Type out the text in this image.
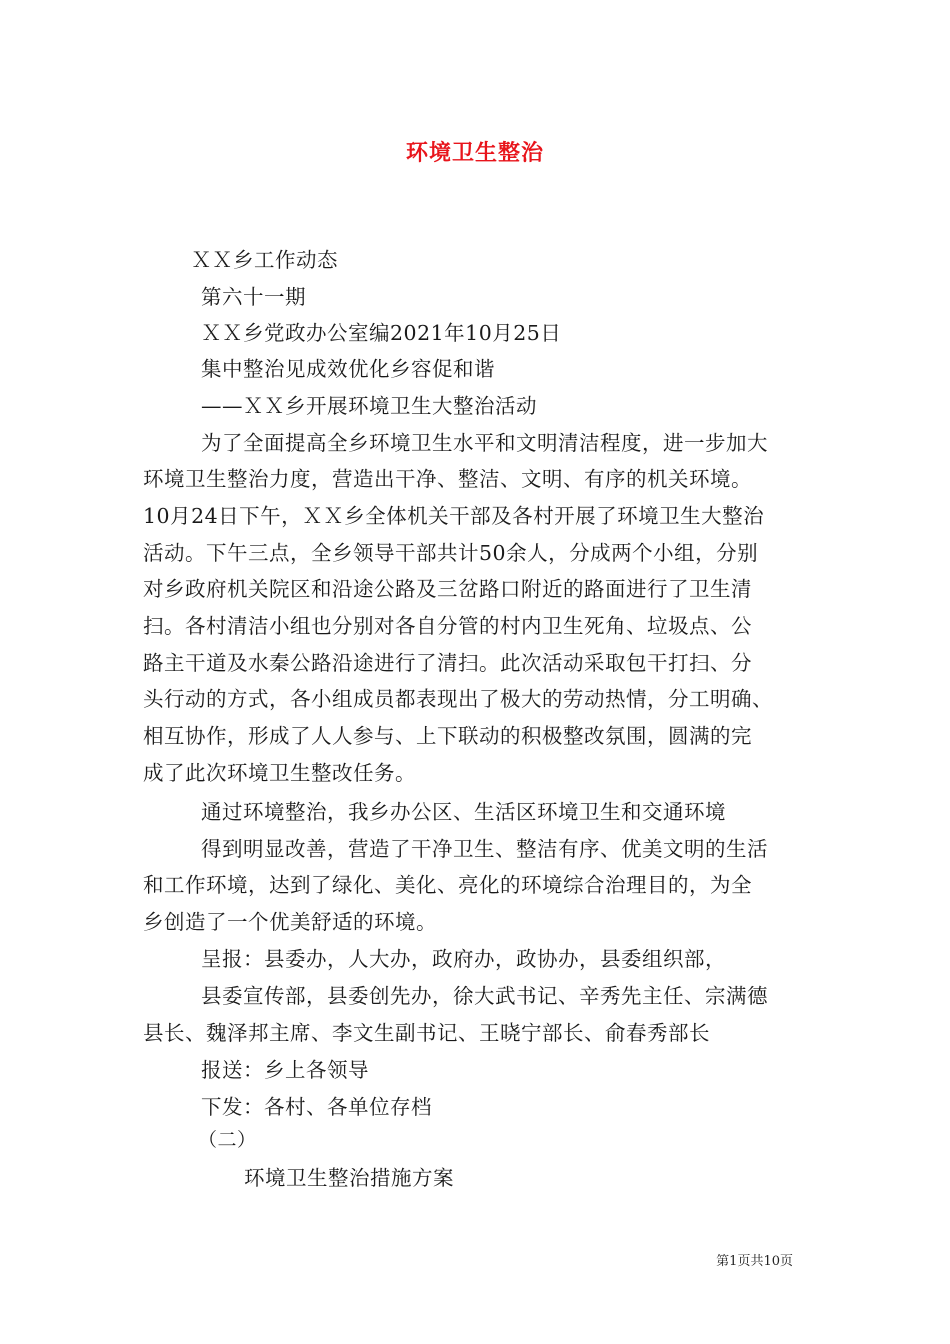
环境卫生整治
ＸＸ乡工作动态
第六十一期
ＸＸ乡党政办公室编2021年10月25日
集中整治见成效优化乡容促和谐
——ＸＸ乡开展环境卫生大整治活动
为了全面提高全乡环境卫生水平和文明清洁程度，进一步加大
环境卫生整治力度，营造出干净、整洁、文明、有序的机关环境。
10月24日下午，ＸＸ乡全体机关干部及各村开展了环境卫生大整治
活动。下午三点，全乡领导干部共计50余人，分成两个小组，分别
对乡政府机关院区和沿途公路及三岔路口附近的路面进行了卫生清
扫。各村清洁小组也分别对各自分管的村内卫生死角、垃圾点、公
路主干道及水秦公路沿途进行了清扫。此次活动采取包干打扫、分
头行动的方式，各小组成员都表现出了极大的劳动热情，分工明确、
相互协作，形成了人人参与、上下联动的积极整改氛围，圆满的完
成了此次环境卫生整改任务。
通过环境整治，我乡办公区、生活区环境卫生和交通环境
得到明显改善，营造了干净卫生、整洁有序、优美文明的生活
和工作环境，达到了绿化、美化、亮化的环境综合治理目的，为全
乡创造了一个优美舒适的环境。
呈报：县委办，人大办，政府办，政协办，县委组织部，
县委宣传部，县委创先办，徐大武书记、辛秀先主任、宗满德
县长、魏泽邦主席、李文生副书记、王晓宁部长、俞春秀部长
报送：乡上各领导
下发：各村、各单位存档
（二）
环境卫生整治措施方案
第1页共10页
